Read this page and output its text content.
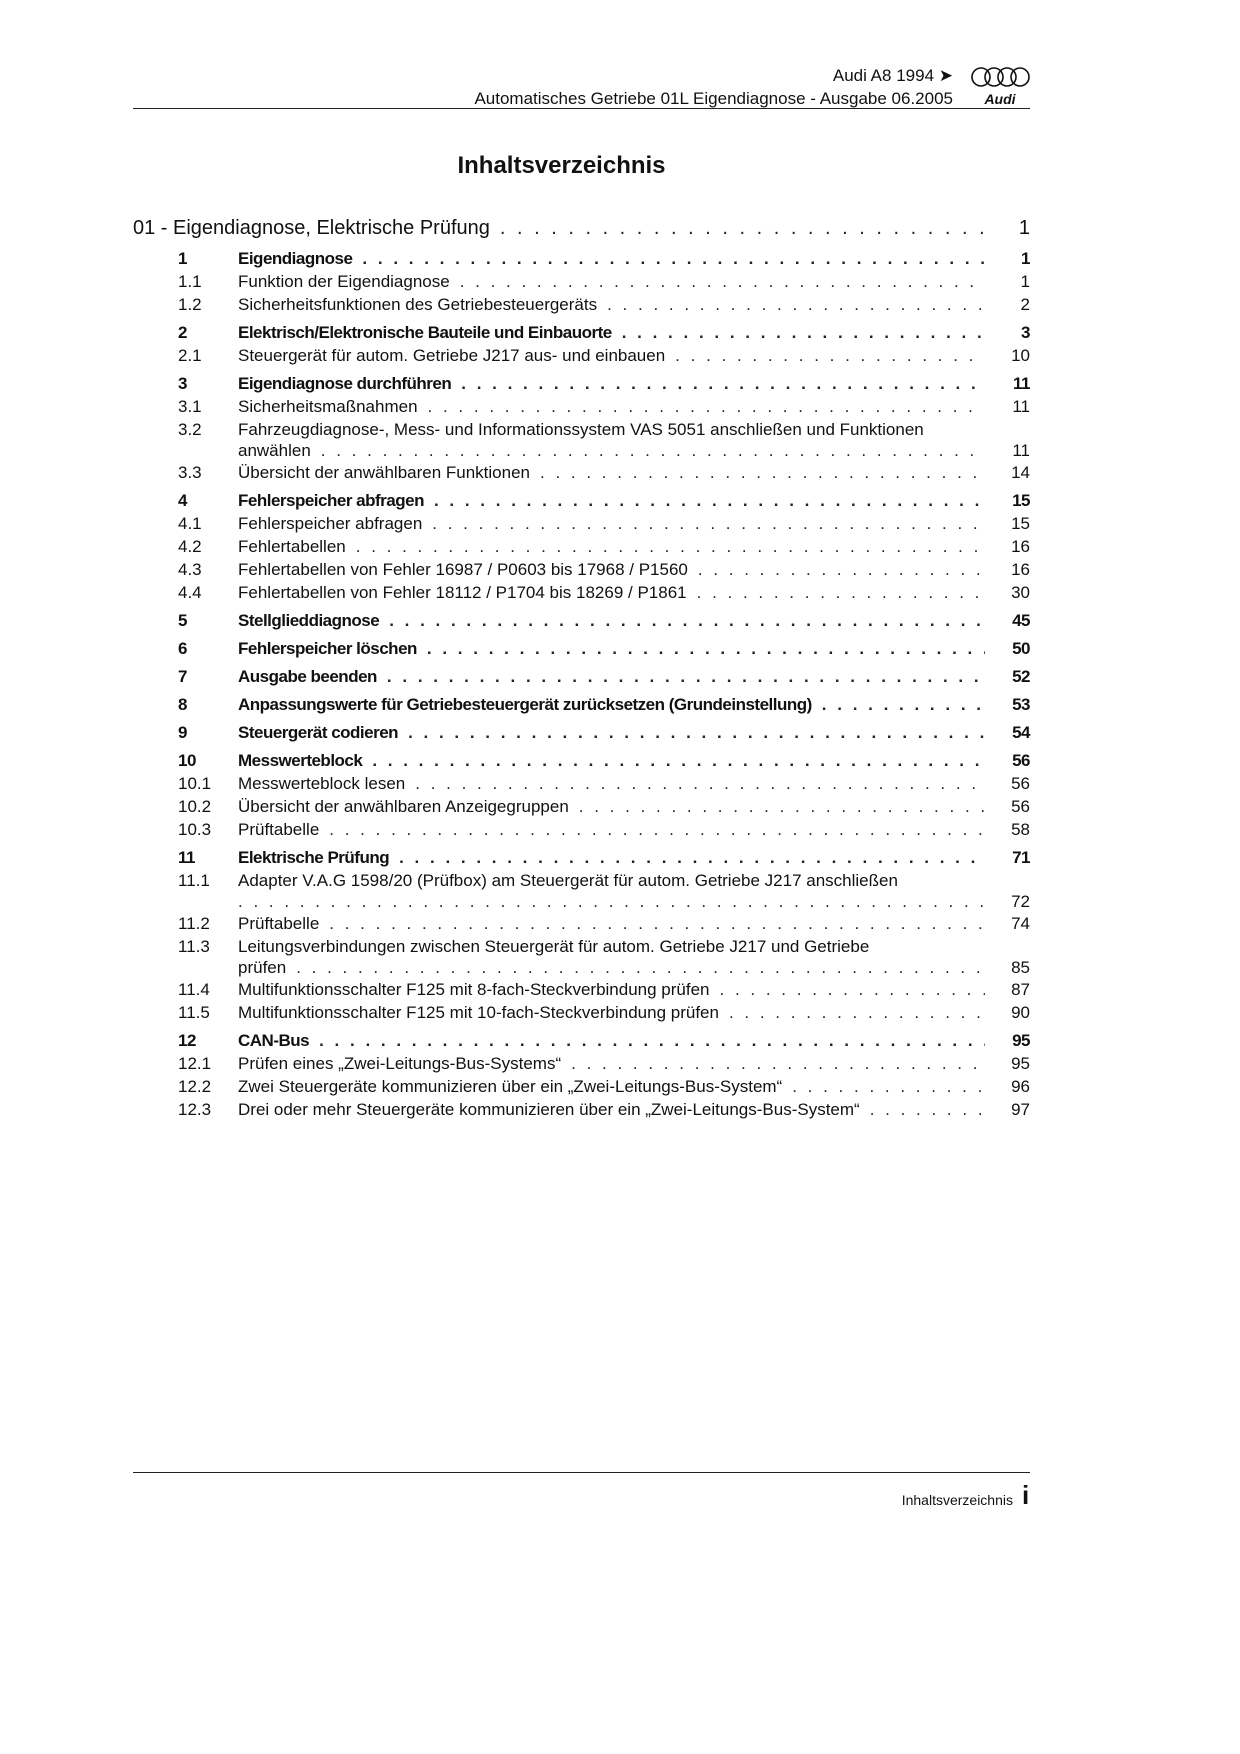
Audi A8 1994 ➤
Automatisches Getriebe 01L Eigendiagnose - Ausgabe 06.2005 Audi
Inhaltsverzeichnis
01 - Eigendiagnose, Elektrische Prüfung . . .	1
1	Eigendiagnose . . .	1
1.1 Funktion der Eigendiagnose . . .	1
1.2 Sicherheitsfunktionen des Getriebesteuergeräts . . .	2
2	Elektrisch/Elektronische Bauteile und Einbauorte . . .	3
2.1 Steuergerät für autom. Getriebe J217 aus- und einbauen . . .	10
3	Eigendiagnose durchführen . . .	11
3.1 Sicherheitsmaßnahmen . . .	11
3.2 Fahrzeugdiagnose-, Mess- und Informationssystem VAS 5051 anschließen und Funktionen
anwählen . . .	11
3.3 Übersicht der anwählbaren Funktionen . . .	14
4	Fehlerspeicher abfragen . . .	15
4.1 Fehlerspeicher abfragen . . .	15
4.2 Fehlertabellen . . .	16
4.3 Fehlertabellen von Fehler 16987 / P0603 bis 17968 / P1560 . . .	16
4.4 Fehlertabellen von Fehler 18112 / P1704 bis 18269 / P1861 . . .	30
5	Stellglieddiagnose . . .	45
6	Fehlerspeicher löschen . . .	50
7	Ausgabe beenden . . .	52
8	Anpassungswerte für Getriebesteuergerät zurücksetzen (Grundeinstellung) . . .	53
9	Steuergerät codieren . . .	54
10 Messwerteblock . . .	56
10.1 Messwerteblock lesen . . .	56
10.2 Übersicht der anwählbaren Anzeigegruppen . . .	56
10.3 Prüftabelle . . .	58
11	Elektrische Prüfung . . .	71
11.1 Adapter V.A.G 1598/20 (Prüfbox) am Steuergerät für autom. Getriebe J217 anschließen
. . .
72
11.2 Prüftabelle . . .	74
11.3 Leitungsverbindungen zwischen Steuergerät für autom. Getriebe J217 und Getriebe
prüfen . . .	85
11.4 Multifunktionsschalter F125 mit 8-fach-Steckverbindung prüfen . . .	87
11.5 Multifunktionsschalter F125 mit 10-fach-Steckverbindung prüfen . . .	90
12 CAN-Bus . . .	95
12.1 Prüfen eines „Zwei-Leitungs-Bus-Systems“ . . .	95
12.2 Zwei Steuergeräte kommunizieren über ein „Zwei-Leitungs-Bus-System“ . . .	96
12.3 Drei oder mehr Steuergeräte kommunizieren über ein „Zwei-Leitungs-Bus-System“ . . .	97
Inhaltsverzeichnis i
